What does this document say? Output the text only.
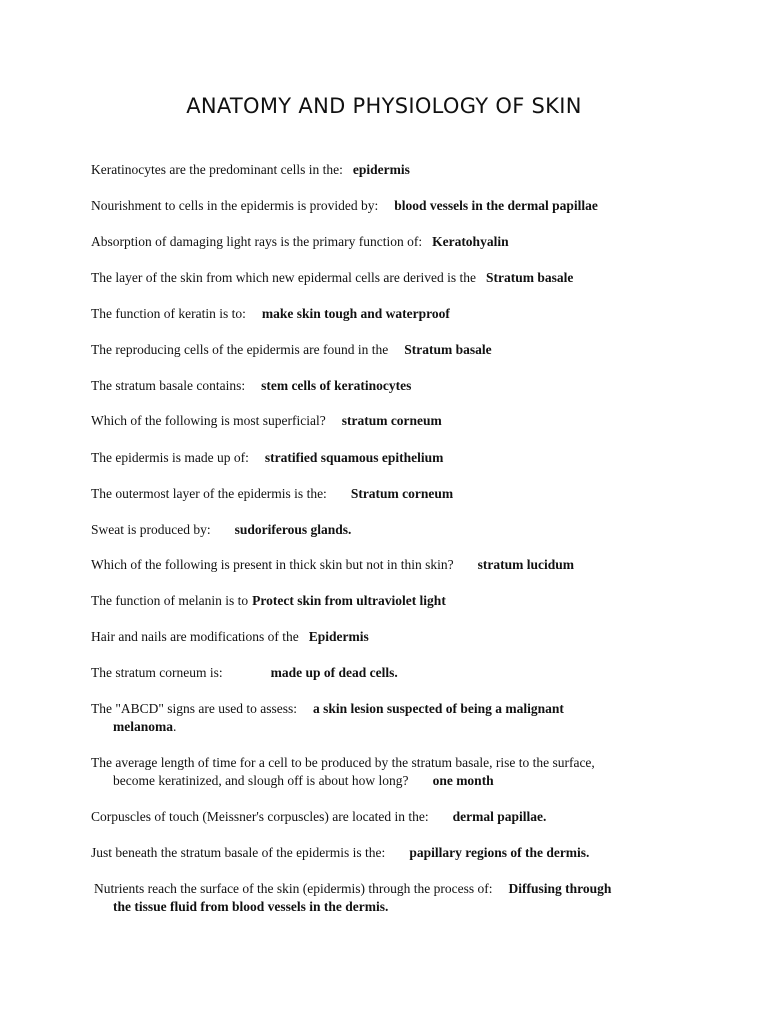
ANATOMY AND PHYSIOLOGY OF SKIN
Keratinocytes are the predominant cells in the: epidermis
Nourishment to cells in the epidermis is provided by: blood vessels in the dermal papillae
Absorption of damaging light rays is the primary function of: Keratohyalin
The layer of the skin from which new epidermal cells are derived is the Stratum basale
The function of keratin is to: make skin tough and waterproof
The reproducing cells of the epidermis are found in the Stratum basale
The stratum basale contains: stem cells of keratinocytes
Which of the following is most superficial? stratum corneum
The epidermis is made up of: stratified squamous epithelium
The outermost layer of the epidermis is the: Stratum corneum
Sweat is produced by: sudoriferous glands.
Which of the following is present in thick skin but not in thin skin? stratum lucidum
The function of melanin is to Protect skin from ultraviolet light
Hair and nails are modifications of the Epidermis
The stratum corneum is:	made up of dead cells.
The "ABCD" signs are used to assess: a skin lesion suspected of being a malignant
melanoma.
The average length of time for a cell to be produced by the stratum basale, rise to the surface,
become keratinized, and slough off is about how long? one month
Corpuscles of touch (Meissner's corpuscles) are located in the: dermal papillae.
Just beneath the stratum basale of the epidermis is the: papillary regions of the dermis.
Nutrients reach the surface of the skin (epidermis) through the process of: Diffusing through
the tissue fluid from blood vessels in the dermis.
